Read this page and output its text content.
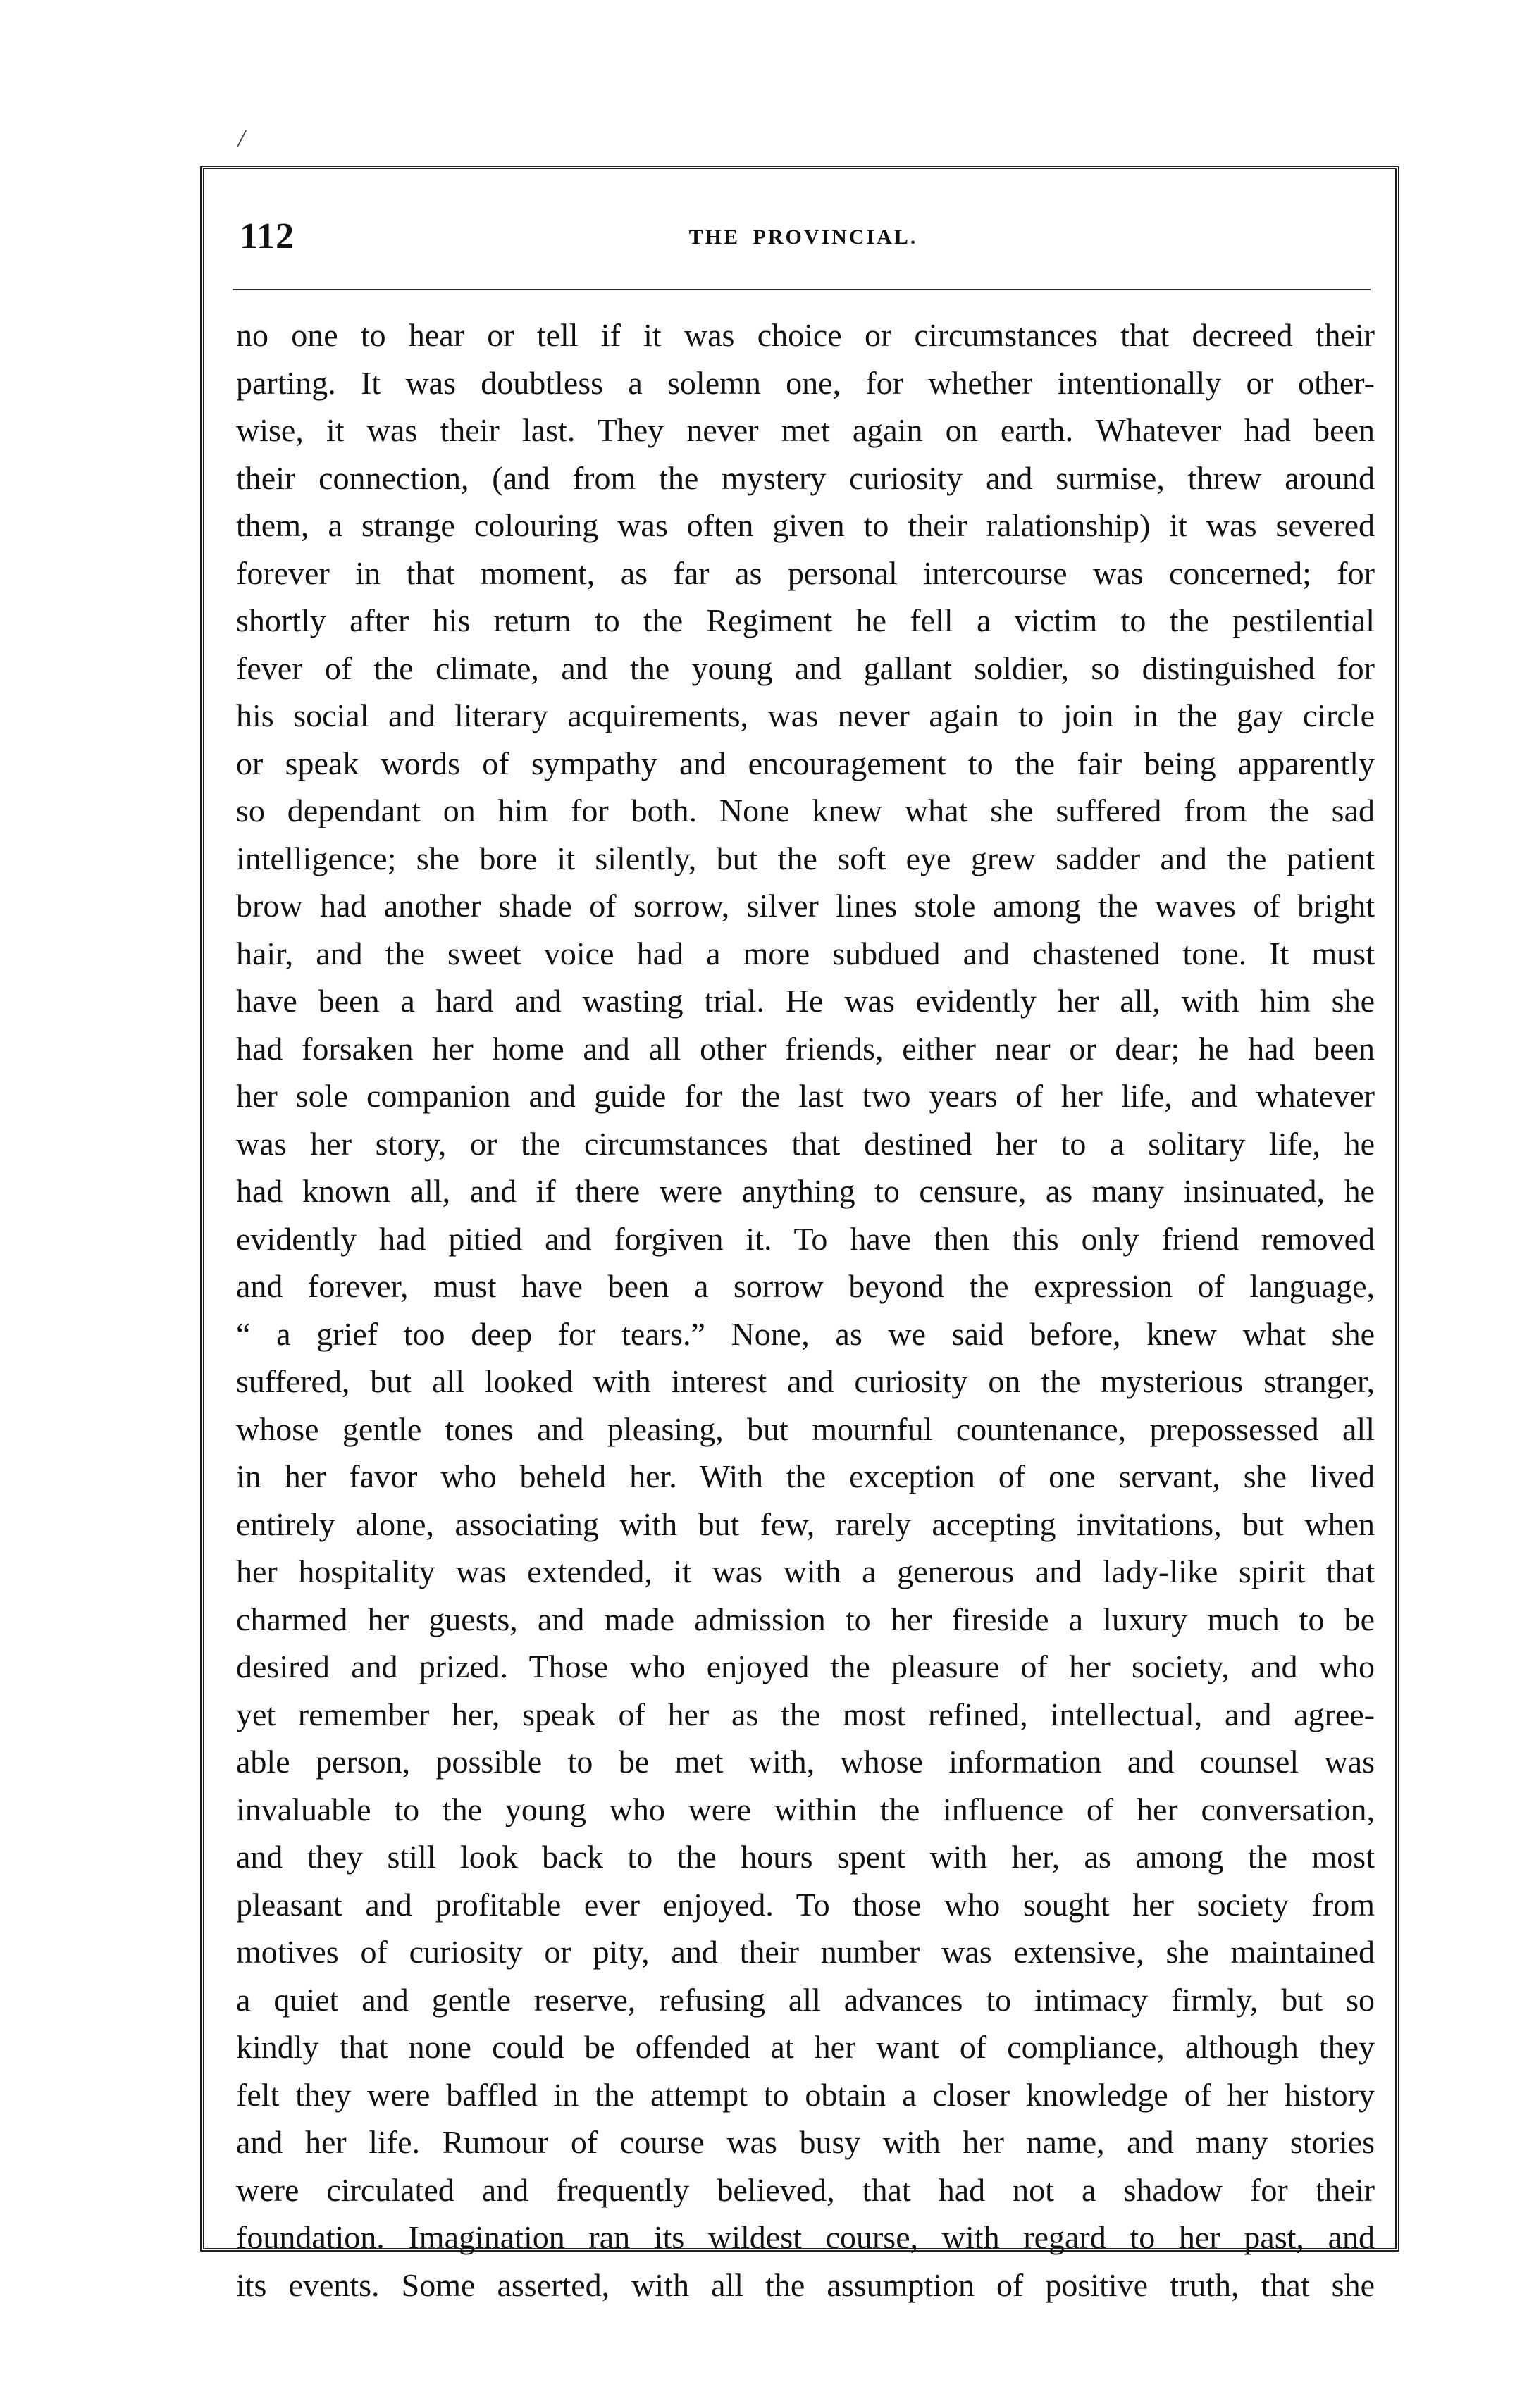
/
112	THE PROVINCIAL.
no one to hear or tell if it was choice or circumstances that decreed their
parting. It was doubtless a solemn one, for whether intentionally or other-
wise, it was their last. They never met again on earth. Whatever had been
their connection, (and from the mystery curiosity and surmise, threw around
them, a strange colouring was often given to their ralationship) it was severed
forever in that moment, as far as personal intercourse was concerned; for
shortly after his return to the Regiment he fell a victim to the pestilential
fever of the climate, and the young and gallant soldier, so distinguished for
his social and literary acquirements, was never again to join in the gay circle
or speak words of sympathy and encouragement to the fair being apparently
so dependant on him for both. None knew what she suffered from the sad
intelligence; she bore it silently, but the soft eye grew sadder and the patient
brow had another shade of sorrow, silver lines stole among the waves of bright
hair, and the sweet voice had a more subdued and chastened tone. It must
have been a hard and wasting trial. He was evidently her all, with him she
had forsaken her home and all other friends, either near or dear; he had been
her sole companion and guide for the last two years of her life, and whatever
was her story, or the circumstances that destined her to a solitary life, he
had known all, and if there were anything to censure, as many insinuated, he
evidently had pitied and forgiven it. To have then this only friend removed
and forever, must have been a sorrow beyond the expression of language,
“ a grief too deep for tears.” None, as we said before, knew what she
suffered, but all looked with interest and curiosity on the mysterious stranger,
whose gentle tones and pleasing, but mournful countenance, prepossessed all
in her favor who beheld her. With the exception of one servant, she lived
entirely alone, associating with but few, rarely accepting invitations, but when
her hospitality was extended, it was with a generous and lady-like spirit that
charmed her guests, and made admission to her fireside a luxury much to be
desired and prized. Those who enjoyed the pleasure of her society, and who
yet remember her, speak of her as the most refined, intellectual, and agree-
able person, possible to be met with, whose information and counsel was
invaluable to the young who were within the influence of her conversation,
and they still look back to the hours spent with her, as among the most
pleasant and profitable ever enjoyed. To those who sought her society from
motives of curiosity or pity, and their number was extensive, she maintained
a quiet and gentle reserve, refusing all advances to intimacy firmly, but so
kindly that none could be offended at her want of compliance, although they
felt they were baffled in the attempt to obtain a closer knowledge of her history
and her life. Rumour of course was busy with her name, and many stories
were circulated and frequently believed, that had not a shadow for their
foundation. Imagination ran its wildest course, with regard to her past, and
its events. Some asserted, with all the assumption of positive truth, that she
